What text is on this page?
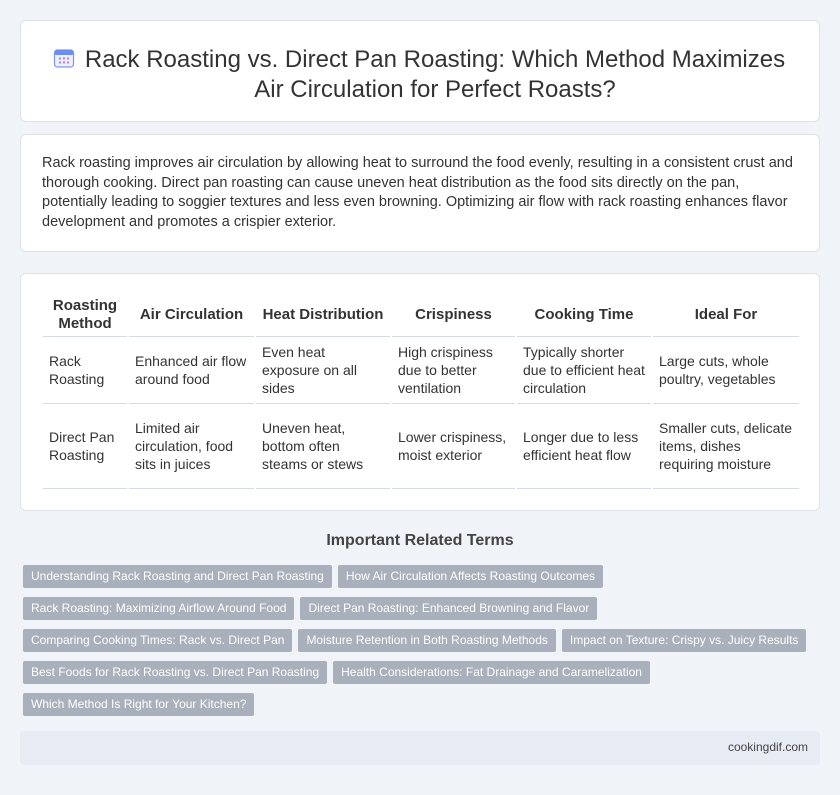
Rack Roasting vs. Direct Pan Roasting: Which Method Maximizes Air Circulation for Perfect Roasts?

Rack roasting improves air circulation by allowing heat to surround the food evenly, resulting in a consistent crust and thorough cooking. Direct pan roasting can cause uneven heat distribution as the food sits directly on the pan, potentially leading to soggier textures and less even browning. Optimizing air flow with rack roasting enhances flavor development and promotes a crispier exterior.

Roasting Method	Air Circulation	Heat Distribution	Crispiness	Cooking Time	Ideal For
Rack Roasting	Enhanced air flow around food	Even heat exposure on all sides	High crispiness due to better ventilation	Typically shorter due to efficient heat circulation	Large cuts, whole poultry, vegetables
Direct Pan Roasting	Limited air circulation, food sits in juices	Uneven heat, bottom often steams or stews	Lower crispiness, moist exterior	Longer due to less efficient heat flow	Smaller cuts, delicate items, dishes requiring moisture
Important Related Terms
Understanding Rack Roasting and Direct Pan Roasting How Air Circulation Affects Roasting Outcomes
Rack Roasting: Maximizing Airflow Around Food Direct Pan Roasting: Enhanced Browning and Flavor
Comparing Cooking Times: Rack vs. Direct Pan Moisture Retention in Both Roasting Methods Impact on Texture: Crispy vs. Juicy Results
Best Foods for Rack Roasting vs. Direct Pan Roasting Health Considerations: Fat Drainage and Caramelization
Which Method Is Right for Your Kitchen?
cookingdif.com
